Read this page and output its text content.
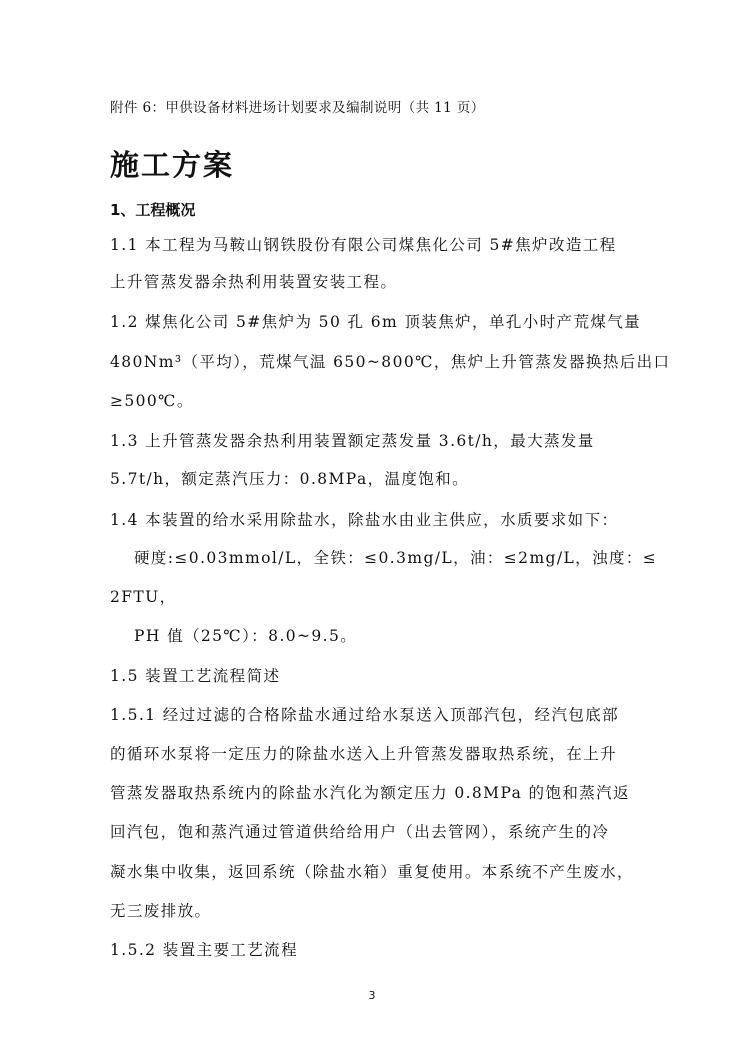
附件 6：甲供设备材料进场计划要求及编制说明（共 11 页）
施工方案
1、工程概况
1.1 本工程为马鞍山钢铁股份有限公司煤焦化公司 5#焦炉改造工程
上升管蒸发器余热利用装置安装工程。
1.2 煤焦化公司 5#焦炉为 50 孔 6m 顶装焦炉，单孔小时产荒煤气量
480Nm³（平均），荒煤气温 650~800℃，焦炉上升管蒸发器换热后出口
≥500℃。
1.3 上升管蒸发器余热利用装置额定蒸发量 3.6t/h，最大蒸发量
5.7t/h，额定蒸汽压力：0.8MPa，温度饱和。
1.4 本装置的给水采用除盐水，除盐水由业主供应，水质要求如下：
硬度:≤0.03mmol/L，全铁：≤0.3mg/L，油：≤2mg/L，浊度：≤
2FTU，
PH 值（25℃）：8.0~9.5。
1.5 装置工艺流程简述
1.5.1 经过过滤的合格除盐水通过给水泵送入顶部汽包，经汽包底部
的循环水泵将一定压力的除盐水送入上升管蒸发器取热系统，在上升
管蒸发器取热系统内的除盐水汽化为额定压力 0.8MPa 的饱和蒸汽返
回汽包，饱和蒸汽通过管道供给给用户（出去管网），系统产生的冷
凝水集中收集，返回系统（除盐水箱）重复使用。本系统不产生废水，
无三废排放。
1.5.2 装置主要工艺流程
3
